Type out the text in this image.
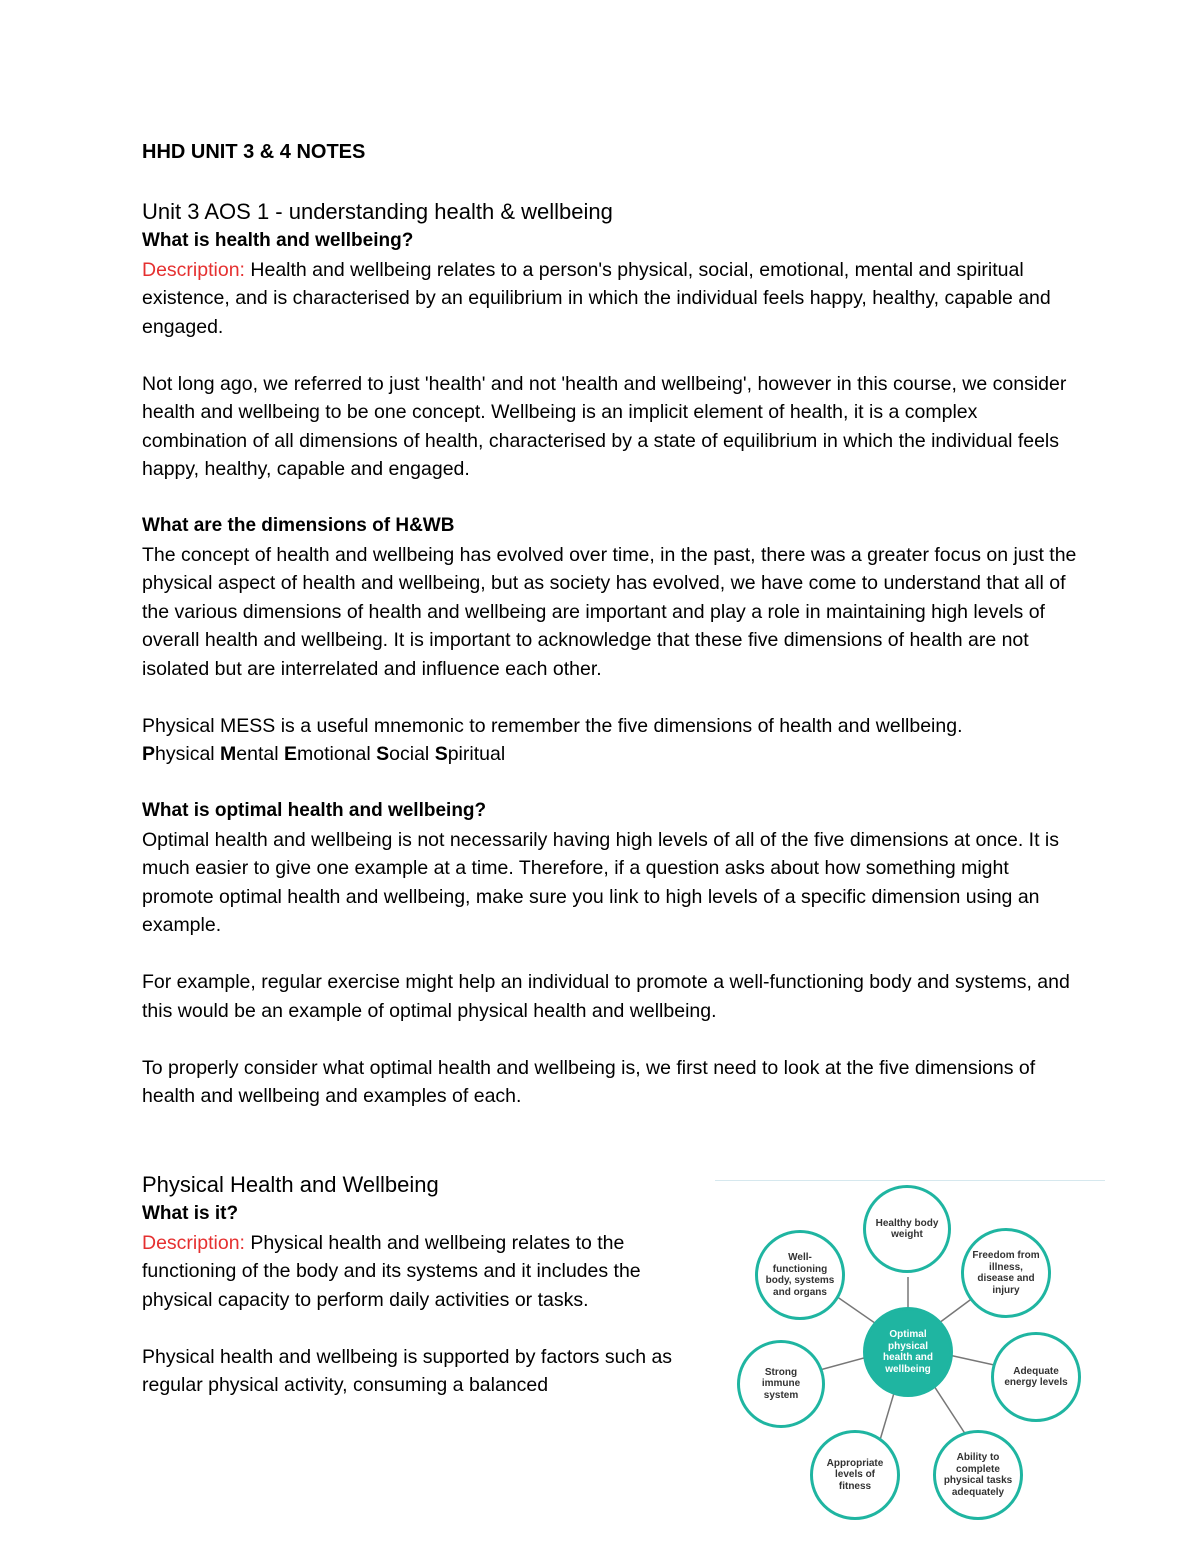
HHD UNIT 3 & 4 NOTES
Unit 3 AOS 1 - understanding health & wellbeing
What is health and wellbeing?

Description: Health and wellbeing relates to a person's physical, social, emotional, mental and spiritual existence, and is characterised by an equilibrium in which the individual feels happy, healthy, capable and engaged.

Not long ago, we referred to just 'health' and not 'health and wellbeing', however in this course, we consider health and wellbeing to be one concept. Wellbeing is an implicit element of health, it is a complex combination of all dimensions of health, characterised by a state of equilibrium in which the individual feels happy, healthy, capable and engaged.

What are the dimensions of H&WB

The concept of health and wellbeing has evolved over time, in the past, there was a greater focus on just the physical aspect of health and wellbeing, but as society has evolved, we have come to understand that all of the various dimensions of health and wellbeing are important and play a role in maintaining high levels of overall health and wellbeing. It is important to acknowledge that these five dimensions of health are not isolated but are interrelated and influence each other.

Physical MESS is a useful mnemonic to remember the five dimensions of health and wellbeing.

Physical Mental Emotional Social Spiritual

What is optimal health and wellbeing?

Optimal health and wellbeing is not necessarily having high levels of all of the five dimensions at once. It is much easier to give one example at a time. Therefore, if a question asks about how something might promote optimal health and wellbeing, make sure you link to high levels of a specific dimension using an example.

For example, regular exercise might help an individual to promote a well-functioning body and systems, and this would be an example of optimal physical health and wellbeing.

To properly consider what optimal health and wellbeing is, we first need to look at the five dimensions of health and wellbeing and examples of each.

Physical Health and Wellbeing
What is it?

Description: Physical health and wellbeing relates to the functioning of the body and its systems and it includes the physical capacity to perform daily activities or tasks.

Physical health and wellbeing is supported by factors such as regular physical activity, consuming a balanced

Optimal physical health and wellbeing
Healthy body weight
Freedom from illness, disease and injury
Adequate energy levels
Ability to complete physical tasks adequately
Appropriate levels of fitness
Strong immune system
Well-functioning body, systems and organs
